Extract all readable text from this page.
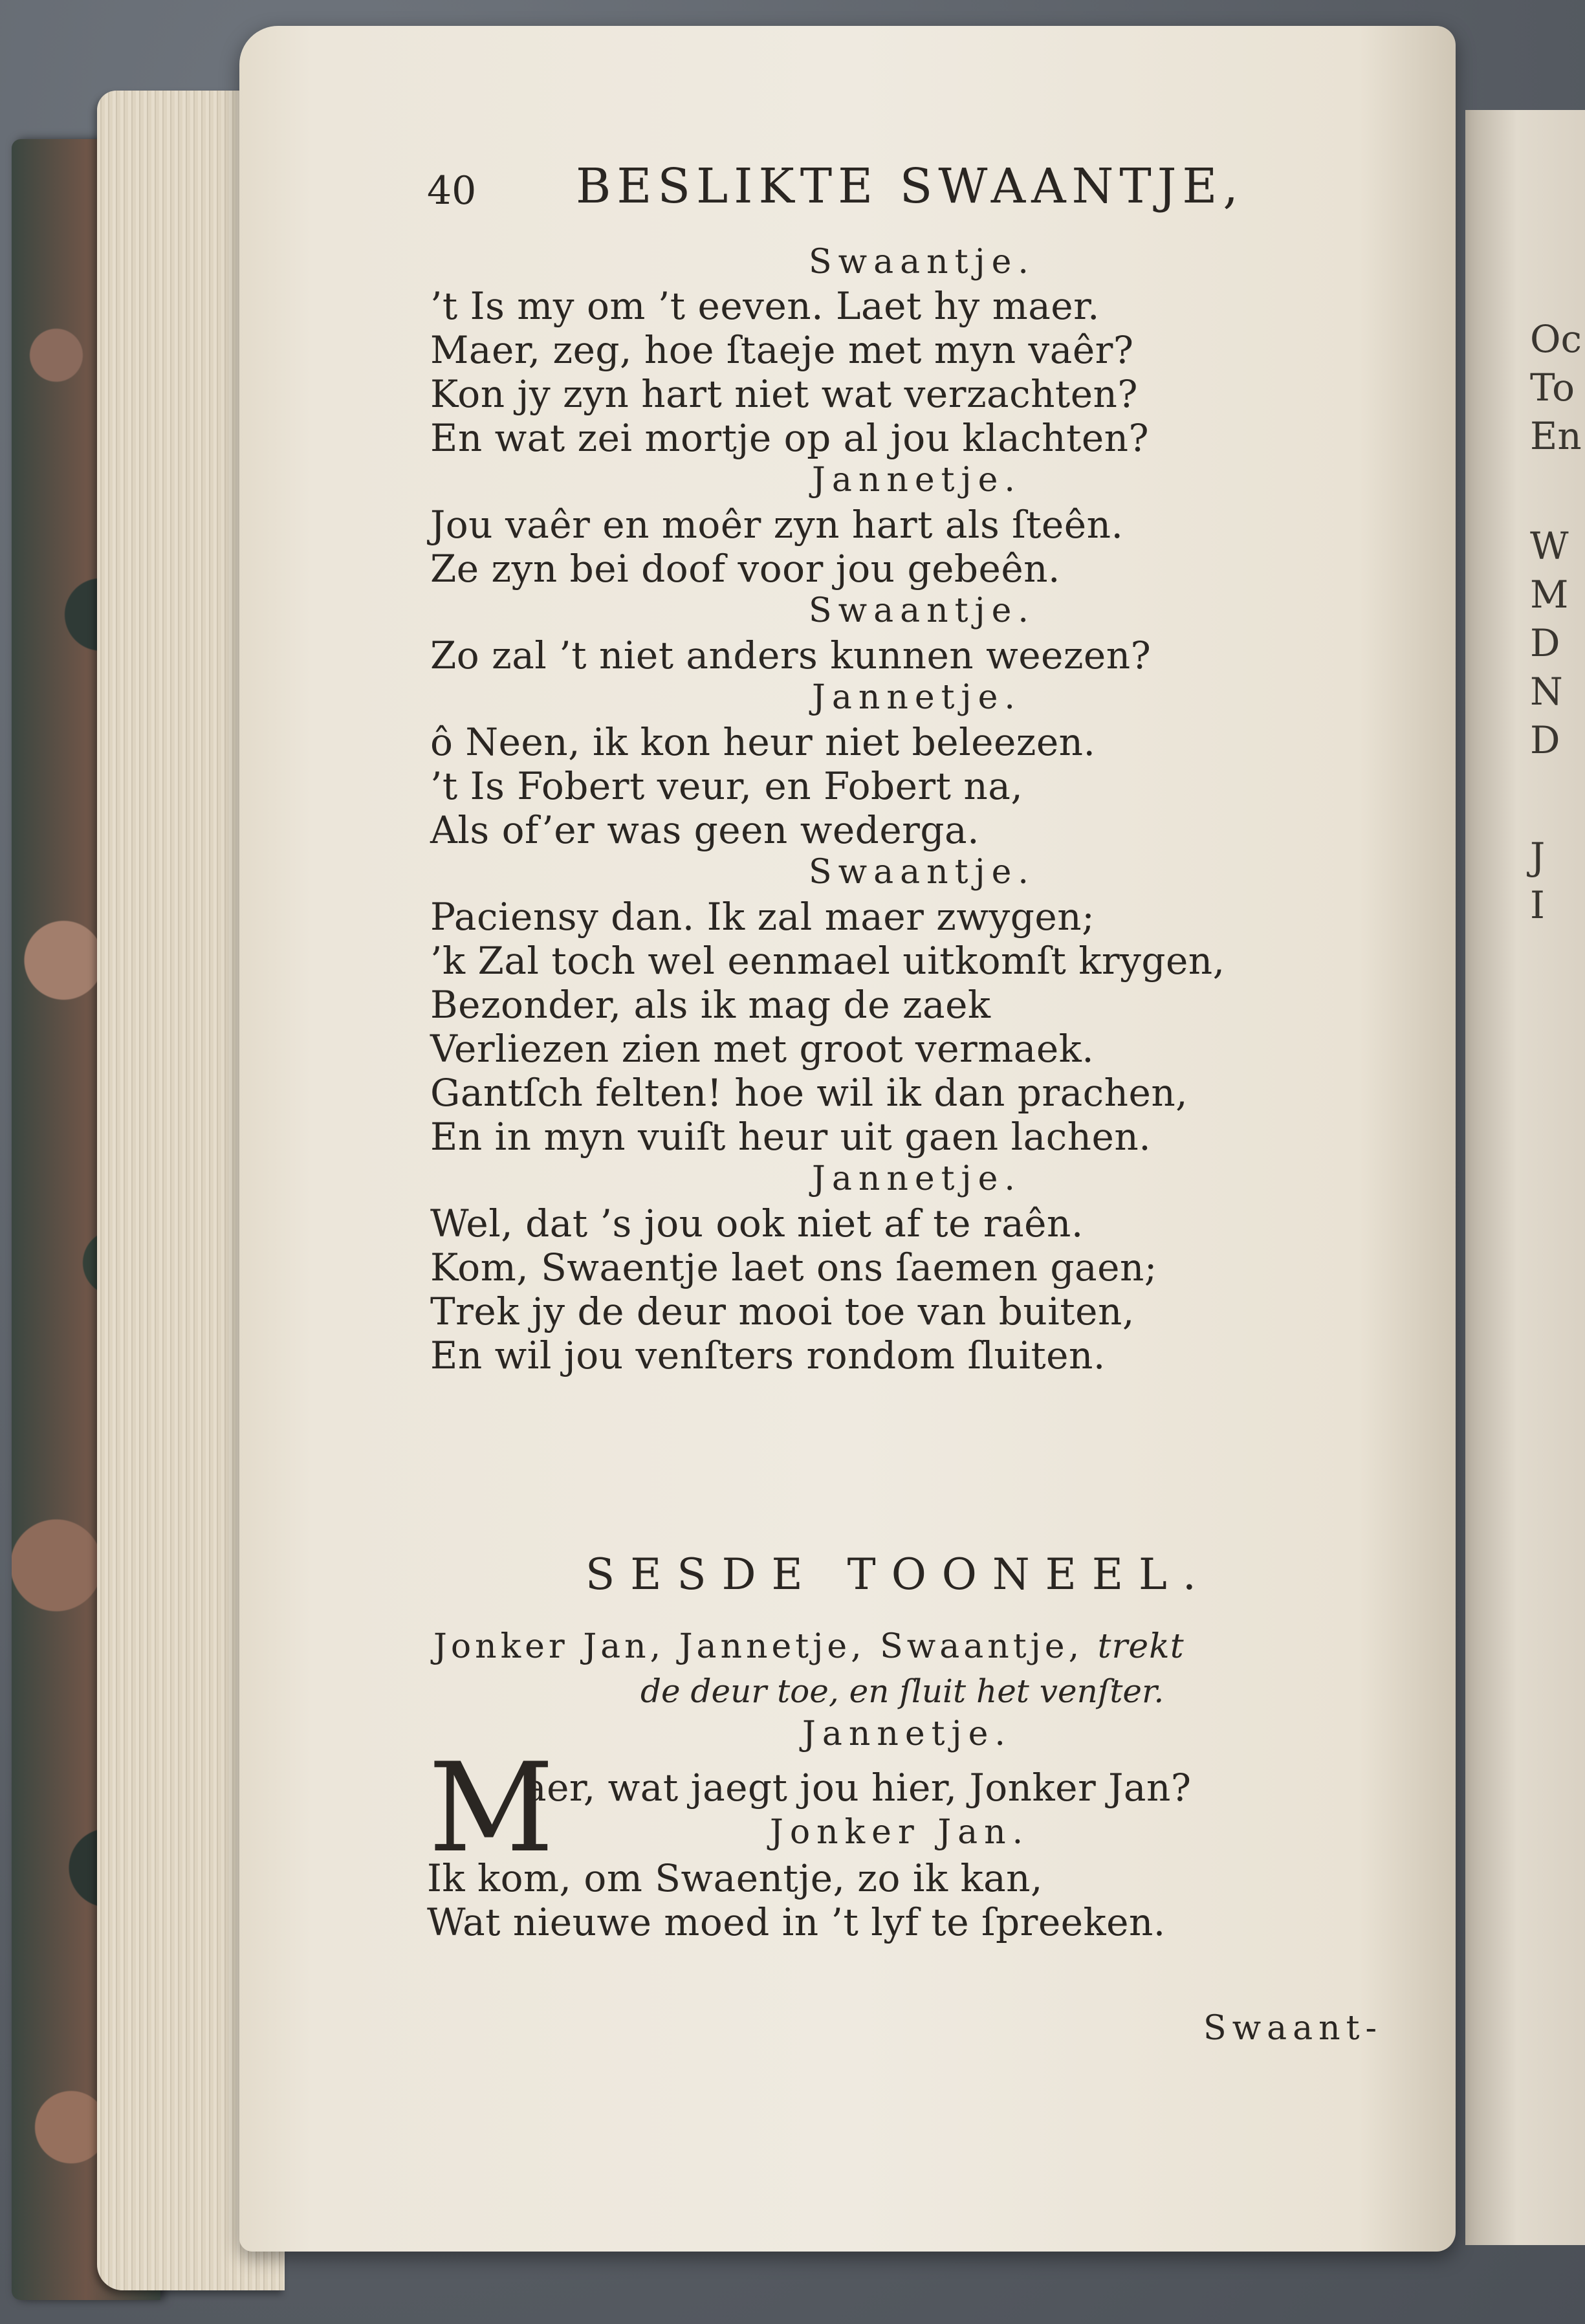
Oc
To
En
W
M
D
N
D
J
I
40 BESLIKTE SWAANTJE,
Swaantje.
’t Is my om ’t eeven. Laet hy maer.
Maer, zeg, hoe ſtaeje met myn vaêr?
Kon jy zyn hart niet wat verzachten?
En wat zei mortje op al jou klachten?
Jannetje.
Jou vaêr en moêr zyn hart als ſteên.
Ze zyn bei doof voor jou gebeên.
Swaantje.
Zo zal ’t niet anders kunnen weezen?
Jannetje.
ô Neen, ik kon heur niet beleezen.
’t Is Fobert veur, en Fobert na,
Als of’er was geen wederga.
Swaantje.
Paciensy dan. Ik zal maer zwygen;
’k Zal toch wel eenmael uitkomſt krygen,
Bezonder, als ik mag de zaek
Verliezen zien met groot vermaek.
Gantſch felten! hoe wil ik dan prachen,
En in myn vuiſt heur uit gaen lachen.
Jannetje.
Wel, dat ’s jou ook niet af te raên.
Kom, Swaentje laet ons ſaemen gaen;
Trek jy de deur mooi toe van buiten,
En wil jou venſters rondom ſluiten.
SESDE TOONEEL.
Jonker Jan, Jannetje, Swaantje, trekt
de deur toe, en ſluit het venſter.
Jannetje.
M
aer, wat jaegt jou hier, Jonker Jan?
Jonker Jan.
Ik kom, om Swaentje, zo ik kan,
Wat nieuwe moed in ’t lyf te ſpreeken.
Swaant-
